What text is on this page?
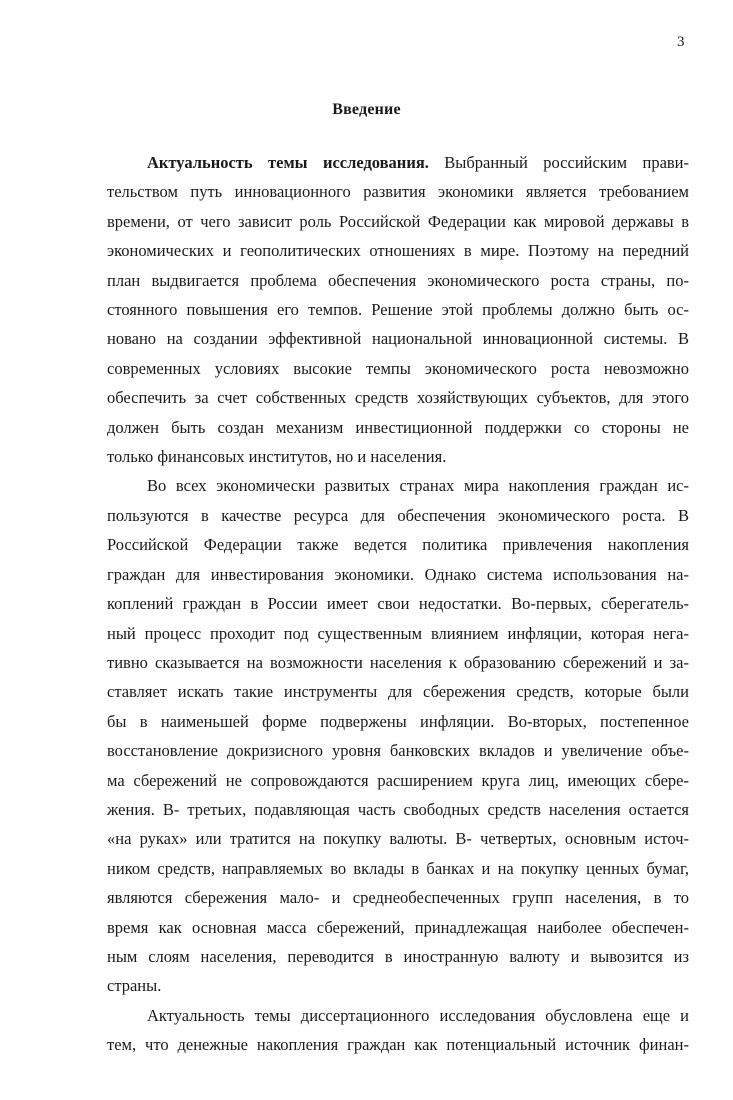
3
Введение
Актуальность темы исследования. Выбранный российским прави-
тельством путь инновационного развития экономики является требованием
времени, от чего зависит роль Российской Федерации как мировой державы в
экономических и геополитических отношениях в мире. Поэтому на передний
план выдвигается проблема обеспечения экономического роста страны, по-
стоянного повышения его темпов. Решение этой проблемы должно быть ос-
новано на создании эффективной национальной инновационной системы. В
современных условиях высокие темпы экономического роста невозможно
обеспечить за счет собственных средств хозяйствующих субъектов, для этого
должен быть создан механизм инвестиционной поддержки со стороны не
только финансовых институтов, но и населения.
Во всех экономически развитых странах мира накопления граждан ис-
пользуются в качестве ресурса для обеспечения экономического роста. В
Российской Федерации также ведется политика привлечения накопления
граждан для инвестирования экономики. Однако система использования на-
коплений граждан в России имеет свои недостатки. Во-первых, сберегатель-
ный процесс проходит под существенным влиянием инфляции, которая нега-
тивно сказывается на возможности населения к образованию сбережений и за-
ставляет искать такие инструменты для сбережения средств, которые были
бы в наименьшей форме подвержены инфляции. Во-вторых, постепенное
восстановление докризисного уровня банковских вкладов и увеличение объе-
ма сбережений не сопровождаются расширением круга лиц, имеющих сбере-
жения. В- третьих, подавляющая часть свободных средств населения остается
«на руках» или тратится на покупку валюты. В- четвертых, основным источ-
ником средств, направляемых во вклады в банках и на покупку ценных бумаг,
являются сбережения мало- и среднеобеспеченных групп населения, в то
время как основная масса сбережений, принадлежащая наиболее обеспечен-
ным слоям населения, переводится в иностранную валюту и вывозится из
страны.
Актуальность темы диссертационного исследования обусловлена еще и
тем, что денежные накопления граждан как потенциальный источник финан-
